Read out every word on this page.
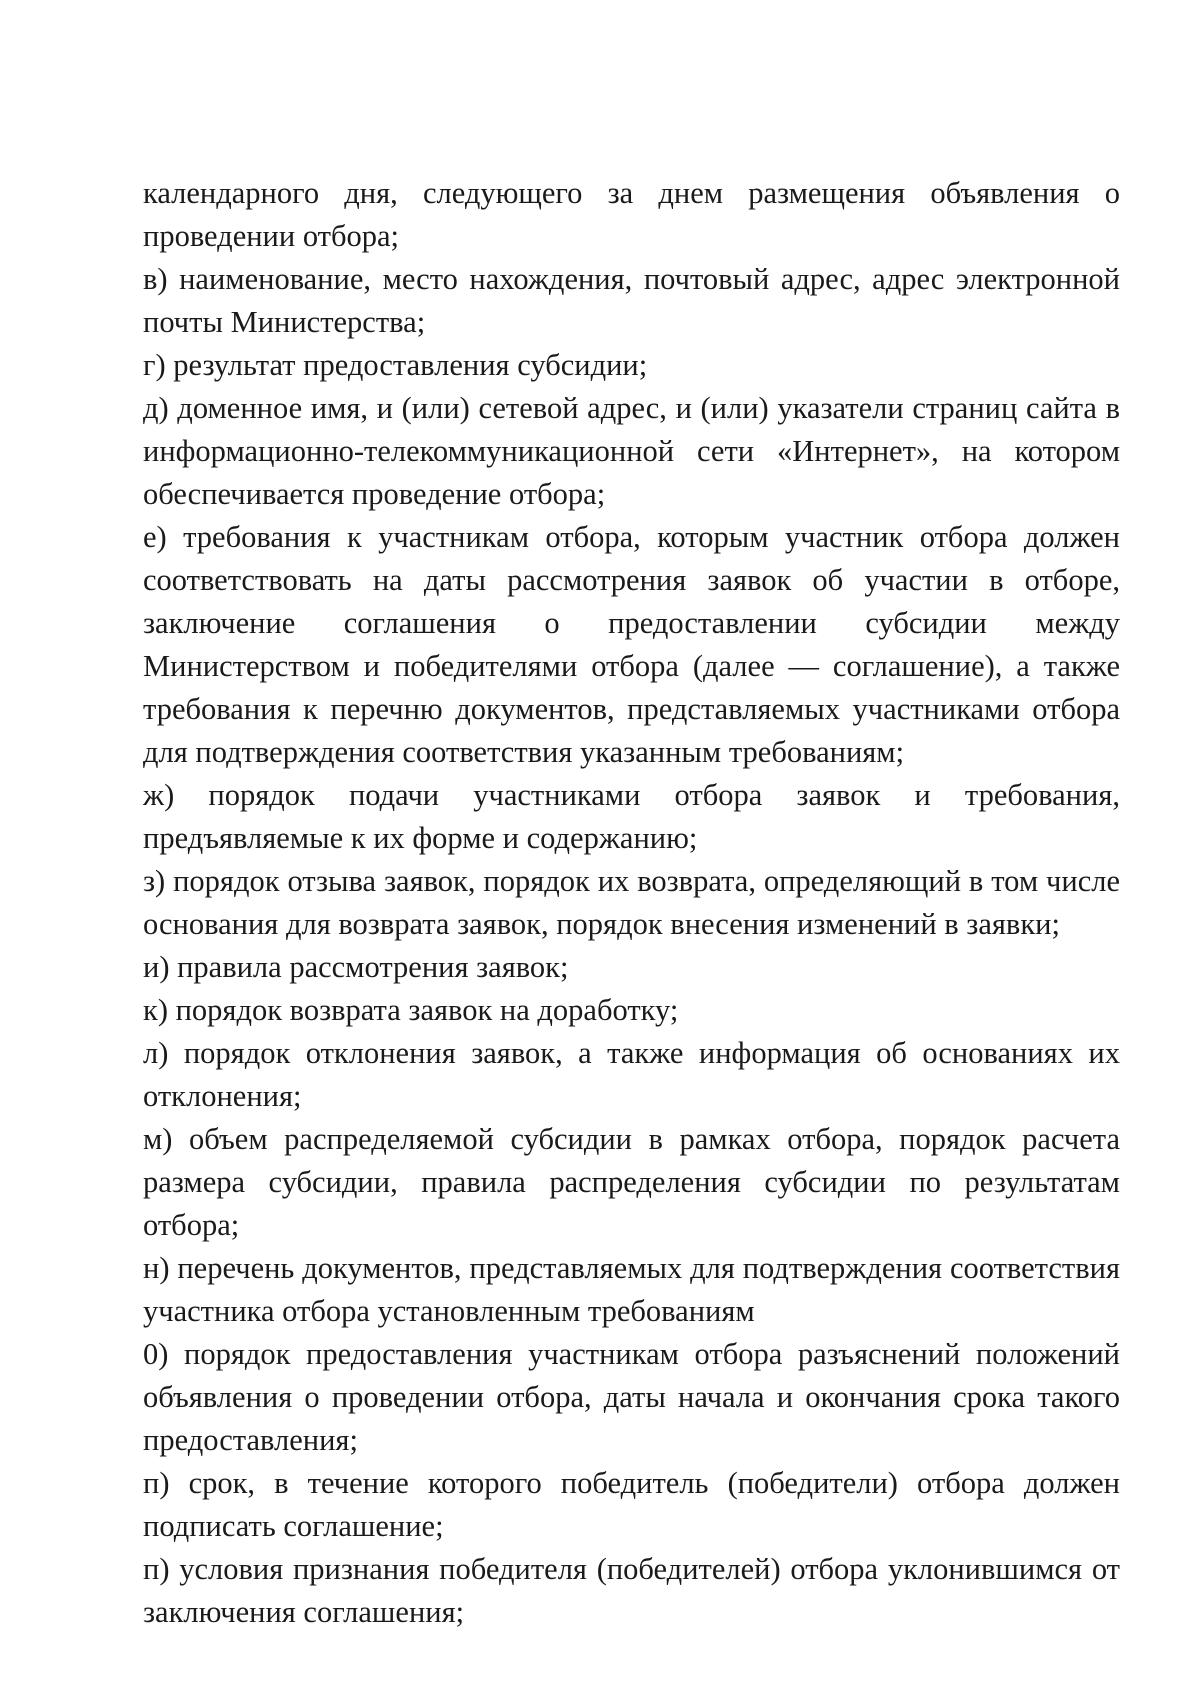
календарного дня, следующего за днем размещения объявления о проведении отбора;

в) наименование, место нахождения, почтовый адрес, адрес электронной почты Министерства;

г) результат предоставления субсидии;

д) доменное имя, и (или) сетевой адрес, и (или) указатели страниц сайта в информационно-телекоммуникационной сети «Интернет», на котором обеспечивается проведение отбора;

е) требования к участникам отбора, которым участник отбора должен соответствовать на даты рассмотрения заявок об участии в отборе, заключение соглашения о предоставлении субсидии между Министерством и победителями отбора (далее — соглашение), а также требования к перечню документов, представляемых участниками отбора для подтверждения соответствия указанным требованиям;

ж) порядок подачи участниками отбора заявок и требования, предъявляемые к их форме и содержанию;

з) порядок отзыва заявок, порядок их возврата, определяющий в том числе основания для возврата заявок, порядок внесения изменений в заявки;

и) правила рассмотрения заявок;

к) порядок возврата заявок на доработку;

л) порядок отклонения заявок, а также информация об основаниях их отклонения;

м) объем распределяемой субсидии в рамках отбора, порядок расчета размера субсидии, правила распределения субсидии по результатам отбора;

н) перечень документов, представляемых для подтверждения соответствия участника отбора установленным требованиям

0) порядок предоставления участникам отбора разъяснений положений объявления о проведении отбора, даты начала и окончания срока такого предоставления;

п) срок, в течение которого победитель (победители) отбора должен подписать соглашение;

п) условия признания победителя (победителей) отбора уклонившимся от заключения соглашения;
